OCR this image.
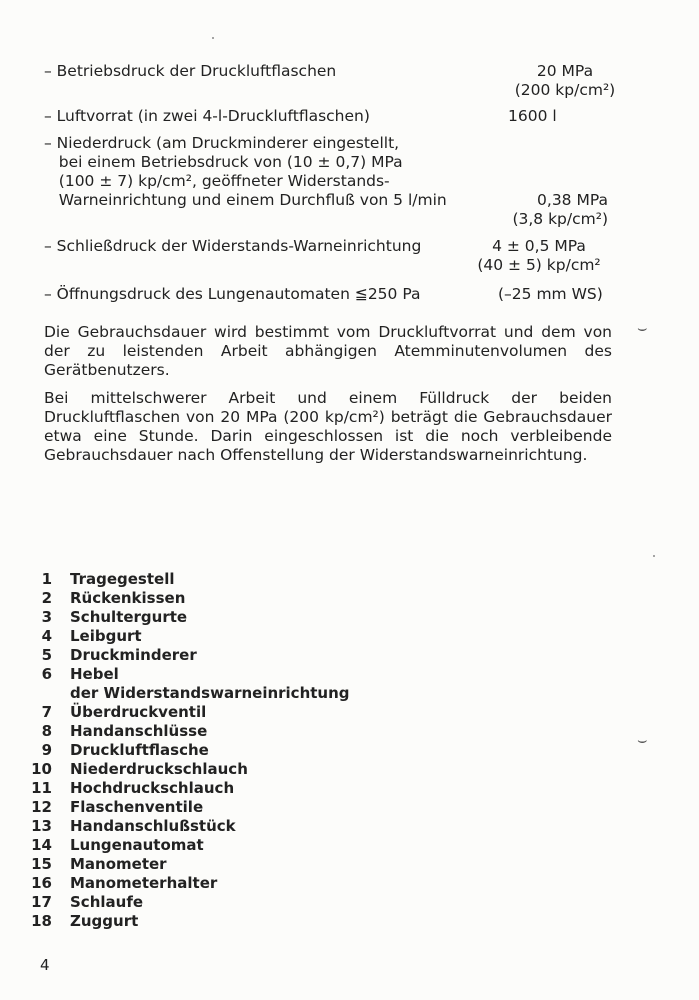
– Betriebsdruck der Druckluftflaschen	20 MPa
(200 kp/cm²)
– Luftvorrat (in zwei 4-l-Druckluftflaschen)	1600 l
– Niederdruck (am Druckminderer eingestellt,
bei einem Betriebsdruck von (10 ± 0,7) MPa
(100 ± 7) kp/cm², geöffneter Widerstands-
Warneinrichtung und einem Durchfluß von 5 l/min	0,38 MPa
(3,8 kp/cm²)
– Schließdruck der Widerstands-Warneinrichtung	4 ± 0,5 MPa
(40 ± 5) kp/cm²
– Öffnungsdruck des Lungenautomaten ≦250 Pa	(–25 mm WS)
Die Gebrauchsdauer wird bestimmt vom Druckluftvorrat und dem von der zu leistenden Arbeit abhängigen Atemminutenvolumen des Gerätbenutzers.
Bei mittelschwerer Arbeit und einem Fülldruck der beiden Druckluftflaschen von 20 MPa (200 kp/cm²) beträgt die Gebrauchsdauer etwa eine Stunde. Darin eingeschlossen ist die noch verbleibende Gebrauchsdauer nach Offenstellung der Widerstandswarneinrichtung.
1 Tragegestell
2 Rückenkissen
3 Schultergurte
4 Leibgurt
5 Druckminderer
6 Hebel
der Widerstandswarneinrichtung
7 Überdruckventil
8 Handanschlüsse
9 Druckluftflasche
10 Niederdruckschlauch
11 Hochdruckschlauch
12 Flaschenventile
13 Handanschlußstück
14 Lungenautomat
15 Manometer
16 Manometerhalter
17 Schlaufe
18 Zuggurt
4
⌣
⌣
